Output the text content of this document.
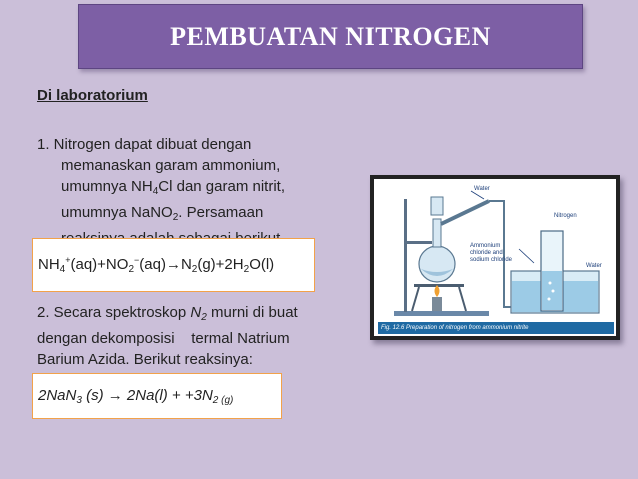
PEMBUATAN NITROGEN
Di laboratorium
1. Nitrogen dapat dibuat dengan
memanaskan garam ammonium,
umumnya $NH_4Cl$ dan garam nitrit,
umumnya NaNO$_2$. Persamaan
$NH_4^+(aq)+NO_2^-(aq)\to N_2(g)+2H_2O(l)$
2. Secara spektroskop $N_2$ murni di buat
dengan dekomposisi    termal Natrium
Barium Azida. Berikut reaksinya:
2NaN$_3$ $(s) \to 2Na(l) + +3N_{2 (g)}$
Water
Ammonium
chloride and
sodium chloride
Nitrogen
Water
Fig. 12.6 Preparation of nitrogen from ammonium nitrite
